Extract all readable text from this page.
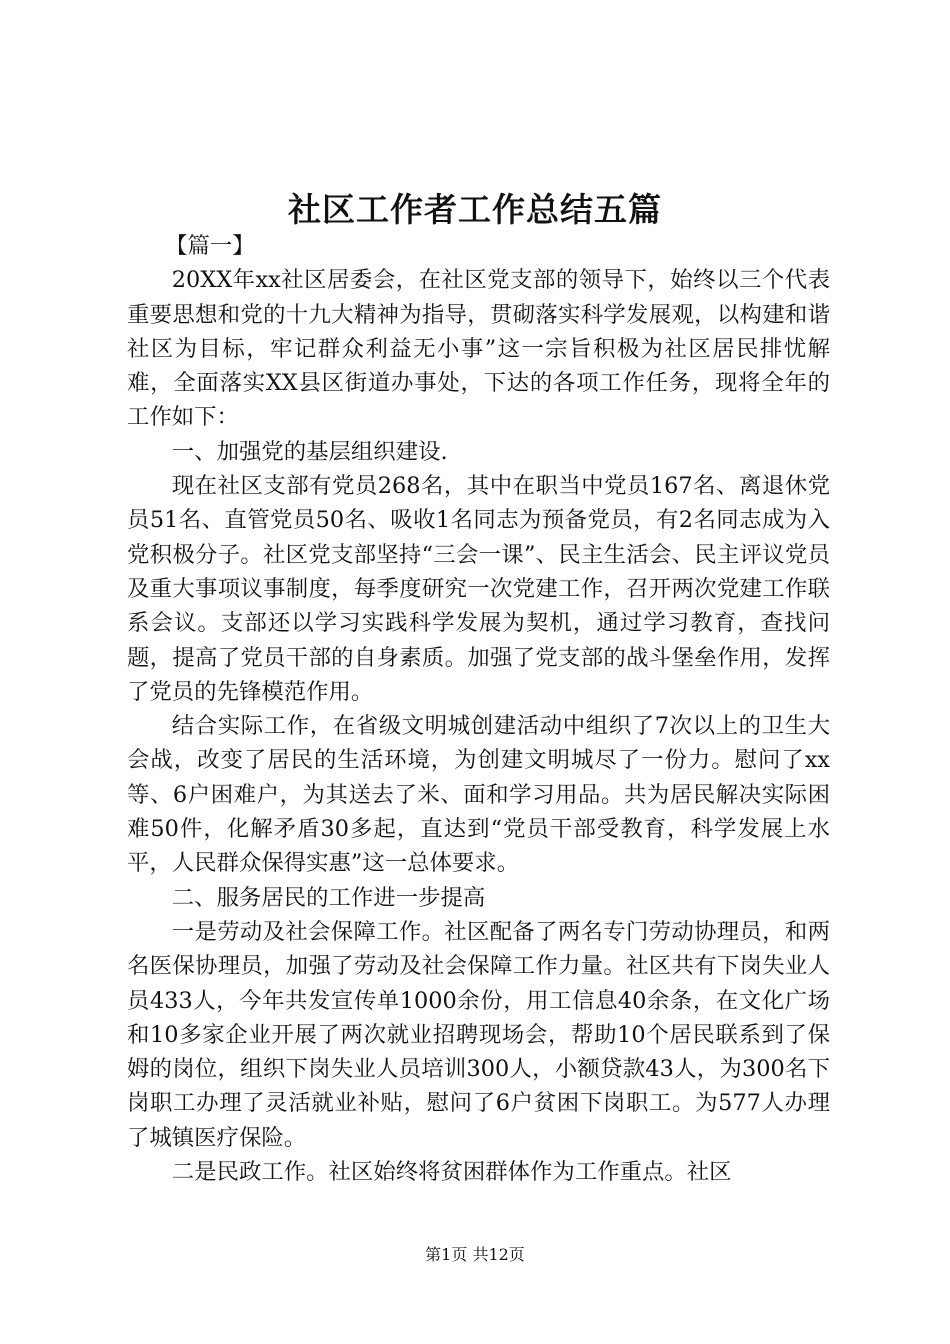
社区工作者工作总结五篇

【篇一】

20XX年xx社区居委会，在社区党支部的领导下，始终以三个代表重要思想和党的十九大精神为指导，贯砌落实科学发展观，以构建和谐社区为目标，牢记群众利益无小事”这一宗旨积极为社区居民排忧解难，全面落实XX县区街道办事处，下达的各项工作任务，现将全年的工作如下：

一、加强党的基层组织建设.

现在社区支部有党员268名，其中在职当中党员167名、离退休党员51名、直管党员50名、吸收1名同志为预备党员，有2名同志成为入党积极分子。社区党支部坚持“三会一课”、民主生活会、民主评议党员及重大事项议事制度，每季度研究一次党建工作，召开两次党建工作联系会议。支部还以学习实践科学发展为契机，通过学习教育，查找问题，提高了党员干部的自身素质。加强了党支部的战斗堡垒作用，发挥了党员的先锋模范作用。

结合实际工作，在省级文明城创建活动中组织了7次以上的卫生大会战，改变了居民的生活环境，为创建文明城尽了一份力。慰问了xx等、6户困难户，为其送去了米、面和学习用品。共为居民解决实际困难50件，化解矛盾30多起，直达到“党员干部受教育，科学发展上水平，人民群众保得实惠”这一总体要求。

二、服务居民的工作进一步提高

一是劳动及社会保障工作。社区配备了两名专门劳动协理员，和两名医保协理员，加强了劳动及社会保障工作力量。社区共有下岗失业人员433人，今年共发宣传单1000余份，用工信息40余条，在文化广场和10多家企业开展了两次就业招聘现场会，帮助10个居民联系到了保姆的岗位，组织下岗失业人员培训300人，小额贷款43人，为300名下岗职工办理了灵活就业补贴，慰问了6户贫困下岗职工。为577人办理了城镇医疗保险。

二是民政工作。社区始终将贫困群体作为工作重点。社区

第1页 共12页
